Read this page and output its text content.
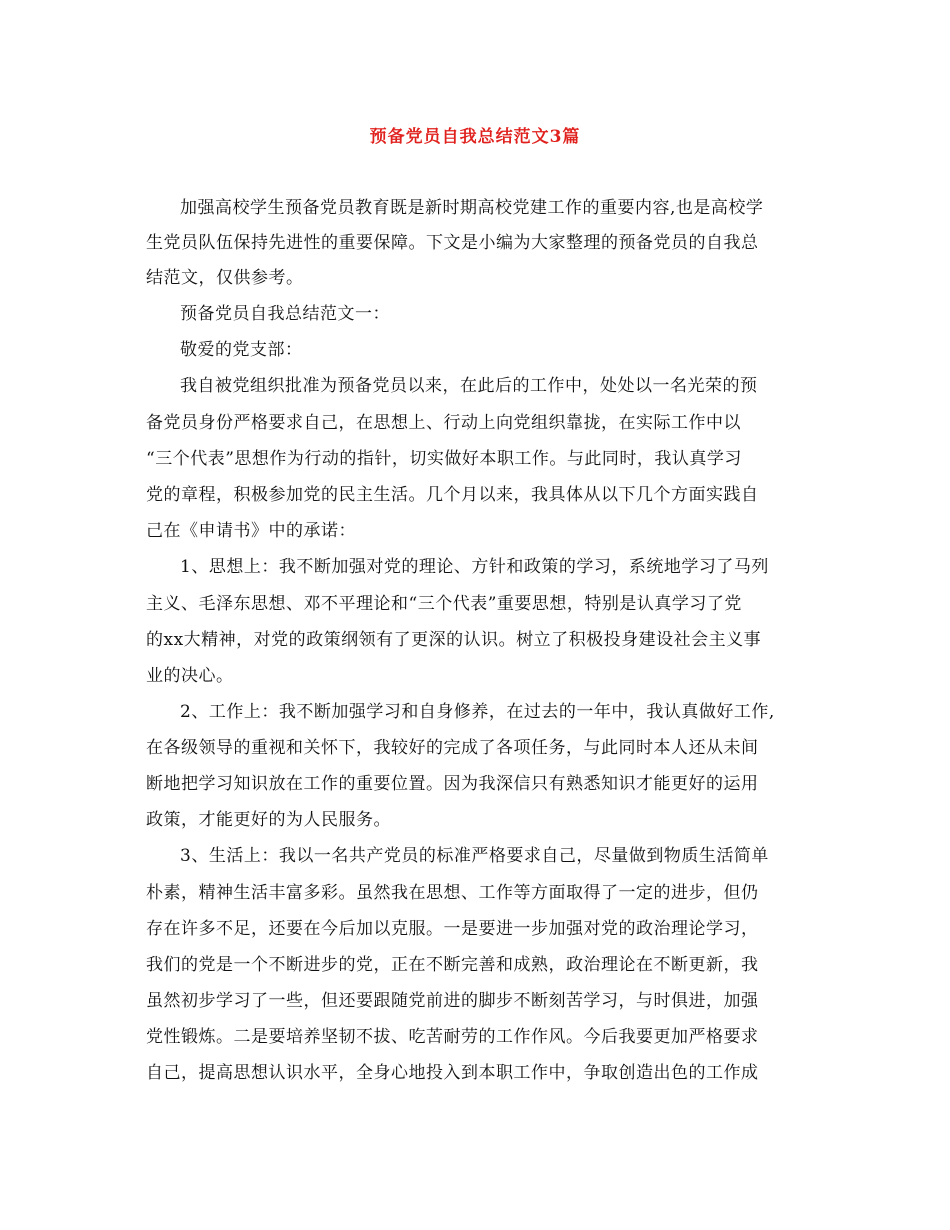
预备党员自我总结范文3篇
加强高校学生预备党员教育既是新时期高校党建工作的重要内容,也是高校学
生党员队伍保持先进性的重要保障。下文是小编为大家整理的预备党员的自我总
结范文，仅供参考。
预备党员自我总结范文一：
敬爱的党支部：
我自被党组织批准为预备党员以来，在此后的工作中，处处以一名光荣的预
备党员身份严格要求自己，在思想上、行动上向党组织靠拢，在实际工作中以
“三个代表”思想作为行动的指针，切实做好本职工作。与此同时，我认真学习
党的章程，积极参加党的民主生活。几个月以来，我具体从以下几个方面实践自
己在《申请书》中的承诺：
1、思想上：我不断加强对党的理论、方针和政策的学习，系统地学习了马列
主义、毛泽东思想、邓不平理论和“三个代表”重要思想，特别是认真学习了党
的xx大精神，对党的政策纲领有了更深的认识。树立了积极投身建设社会主义事
业的决心。
2、工作上：我不断加强学习和自身修养，在过去的一年中，我认真做好工作,
在各级领导的重视和关怀下，我较好的完成了各项任务，与此同时本人还从未间
断地把学习知识放在工作的重要位置。因为我深信只有熟悉知识才能更好的运用
政策，才能更好的为人民服务。
3、生活上：我以一名共产党员的标准严格要求自己，尽量做到物质生活简单
朴素，精神生活丰富多彩。虽然我在思想、工作等方面取得了一定的进步，但仍
存在许多不足，还要在今后加以克服。一是要进一步加强对党的政治理论学习，
我们的党是一个不断进步的党，正在不断完善和成熟，政治理论在不断更新，我
虽然初步学习了一些，但还要跟随党前进的脚步不断刻苦学习，与时俱进，加强
党性锻炼。二是要培养坚韧不拔、吃苦耐劳的工作作风。今后我要更加严格要求
自己，提高思想认识水平，全身心地投入到本职工作中，争取创造出色的工作成
